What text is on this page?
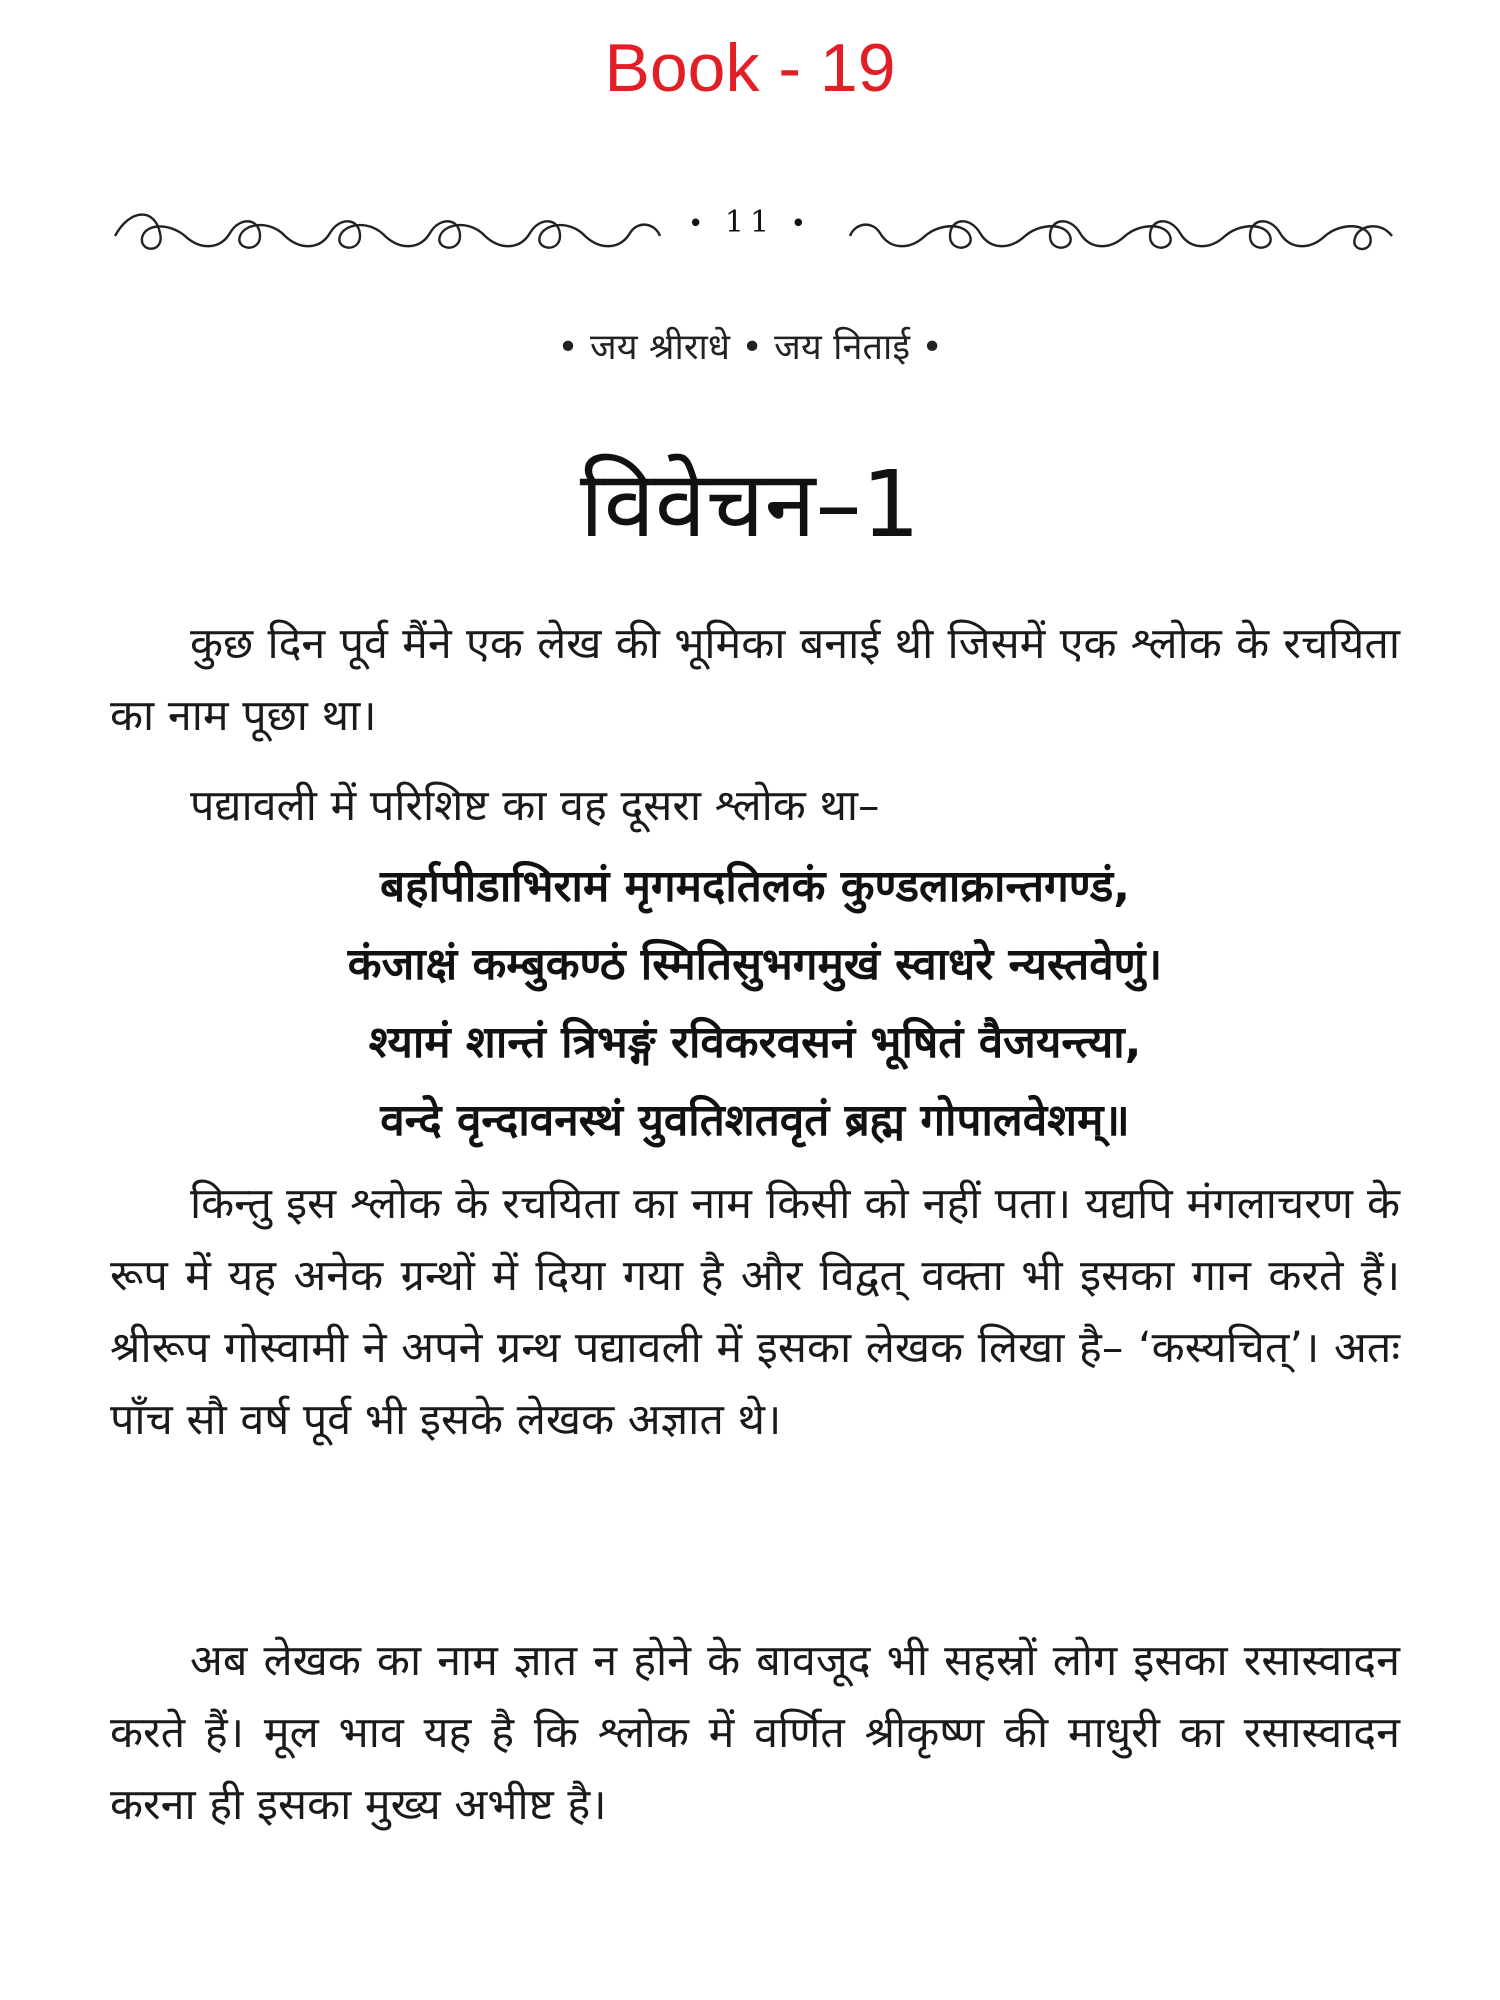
Book - 19
• 11 •
• जय श्रीराधे • जय निताई •
विवेचन–1

कुछ दिन पूर्व मैंने एक लेख की भूमिका बनाई थी जिसमें एक श्लोक के रचयिता का नाम पूछा था।

पद्यावली में परिशिष्ट का वह दूसरा श्लोक था–

बर्हापीडाभिरामं मृगमदतिलकं कुण्डलाक्रान्तगण्डं,
कंजाक्षं कम्बुकण्ठं स्मितिसुभगमुखं स्वाधरे न्यस्तवेणुं।
श्यामं शान्तं त्रिभङ्गं रविकरवसनं भूषितं वैजयन्त्या,
वन्दे वृन्दावनस्थं युवतिशतवृतं ब्रह्म गोपालवेशम्॥

किन्तु इस श्लोक के रचयिता का नाम किसी को नहीं पता। यद्यपि मंगलाचरण के रूप में यह अनेक ग्रन्थों में दिया गया है और विद्वत् वक्ता भी इसका गान करते हैं। श्रीरूप गोस्वामी ने अपने ग्रन्थ पद्यावली में इसका लेखक लिखा है– ‘कस्यचित्’। अतः पाँच सौ वर्ष पूर्व भी इसके लेखक अज्ञात थे।

अब लेखक का नाम ज्ञात न होने के बावजूद भी सहस्रों लोग इसका रसास्वादन करते हैं। मूल भाव यह है कि श्लोक में वर्णित श्रीकृष्ण की माधुरी का रसास्वादन करना ही इसका मुख्य अभीष्ट है।
